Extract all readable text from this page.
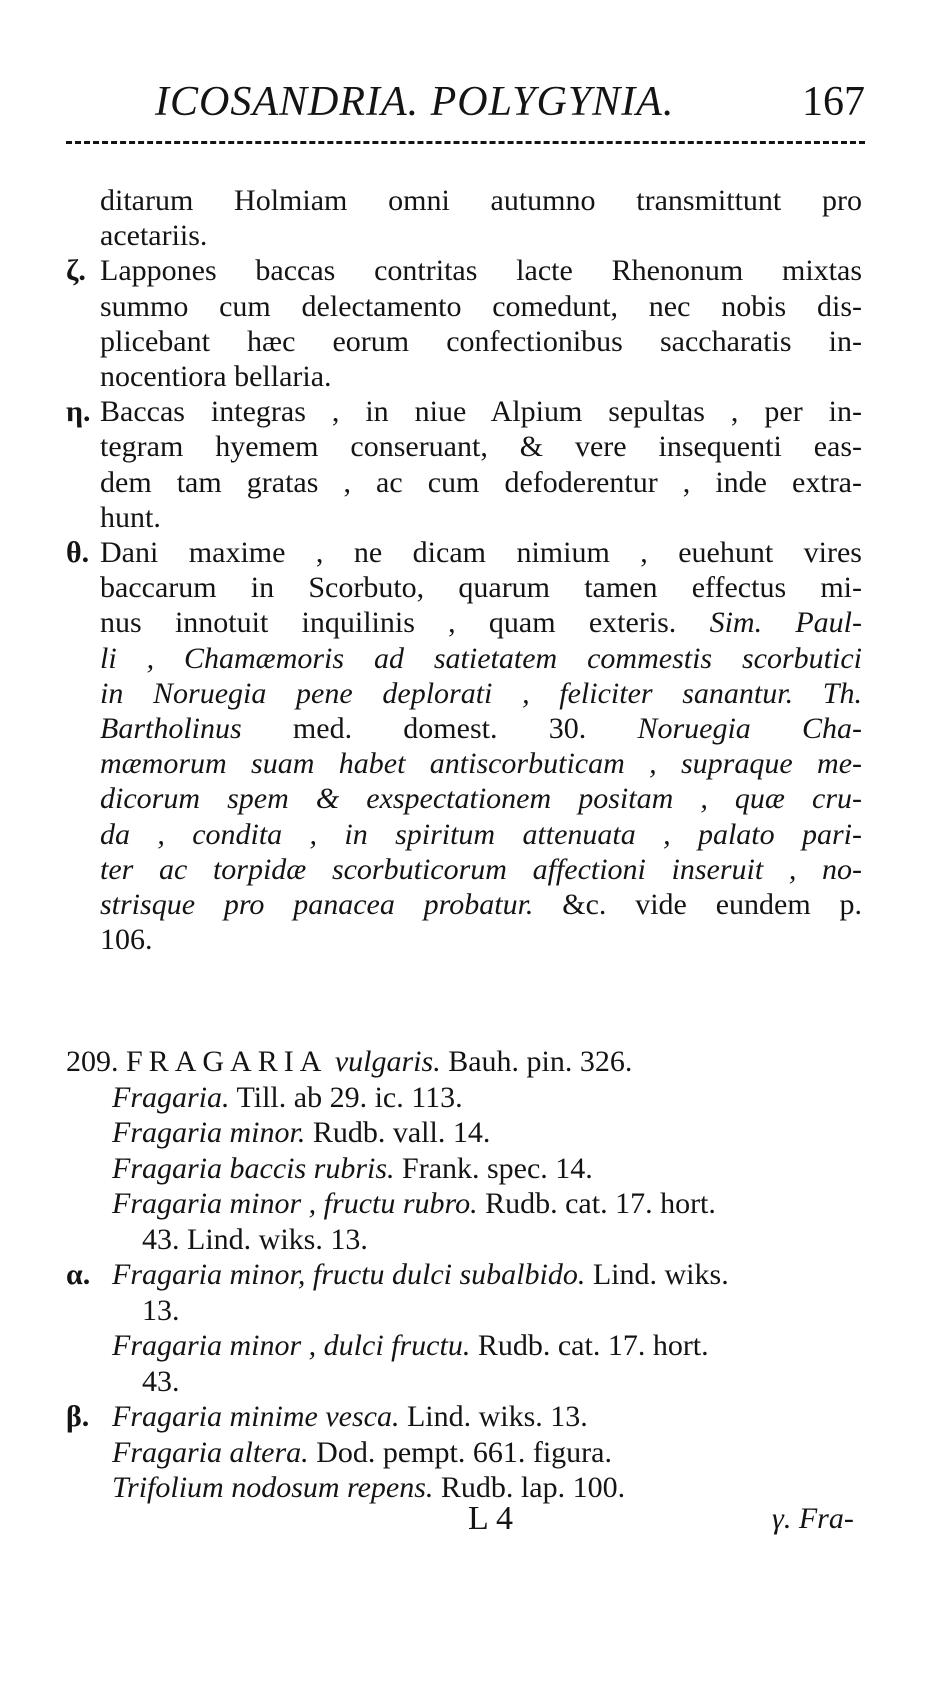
ICOSANDRIA. POLYGYNIA.	167
ditarum Holmiam omni autumno transmittunt pro
acetariis.
ζ. Lappones baccas contritas lacte Rhenonum mixtas
summo cum delectamento comedunt, nec nobis dis-
plicebant hæc eorum confectionibus saccharatis in-
nocentiora bellaria.
η. Baccas integras , in niue Alpium sepultas , per in-
tegram hyemem conseruant, & vere insequenti eas-
dem tam gratas , ac cum defoderentur , inde extra-
hunt.
θ. Dani maxime , ne dicam nimium , euehunt vires
baccarum in Scorbuto, quarum tamen effectus mi-
nus innotuit inquilinis , quam exteris. Sim. Paul-
li , Chamæmoris ad satietatem commestis scorbutici
in Noruegia pene deplorati , feliciter sanantur. Th.
Bartholinus med. domest. 30. Noruegia Cha-
mæmorum suam habet antiscorbuticam , supraque me-
dicorum spem & exspectationem positam , quæ cru-
da , condita , in spiritum attenuata , palato pari-
ter ac torpidæ scorbuticorum affectioni inseruit , no-
strisque pro panacea probatur. &c. vide eundem p.
106.
209. FRAGARIA vulgaris. Bauh. pin. 326.
Fragaria. Till. ab 29. ic. 113.
Fragaria minor. Rudb. vall. 14.
Fragaria baccis rubris. Frank. spec. 14.
Fragaria minor , fructu rubro. Rudb. cat. 17. hort.
43. Lind. wiks. 13.
α. Fragaria minor, fructu dulci subalbido. Lind. wiks.
13.
Fragaria minor , dulci fructu. Rudb. cat. 17. hort.
43.
β. Fragaria minime vesca. Lind. wiks. 13.
Fragaria altera. Dod. pempt. 661. figura.
Trifolium nodosum repens. Rudb. lap. 100.
L 4	γ. Fra-
